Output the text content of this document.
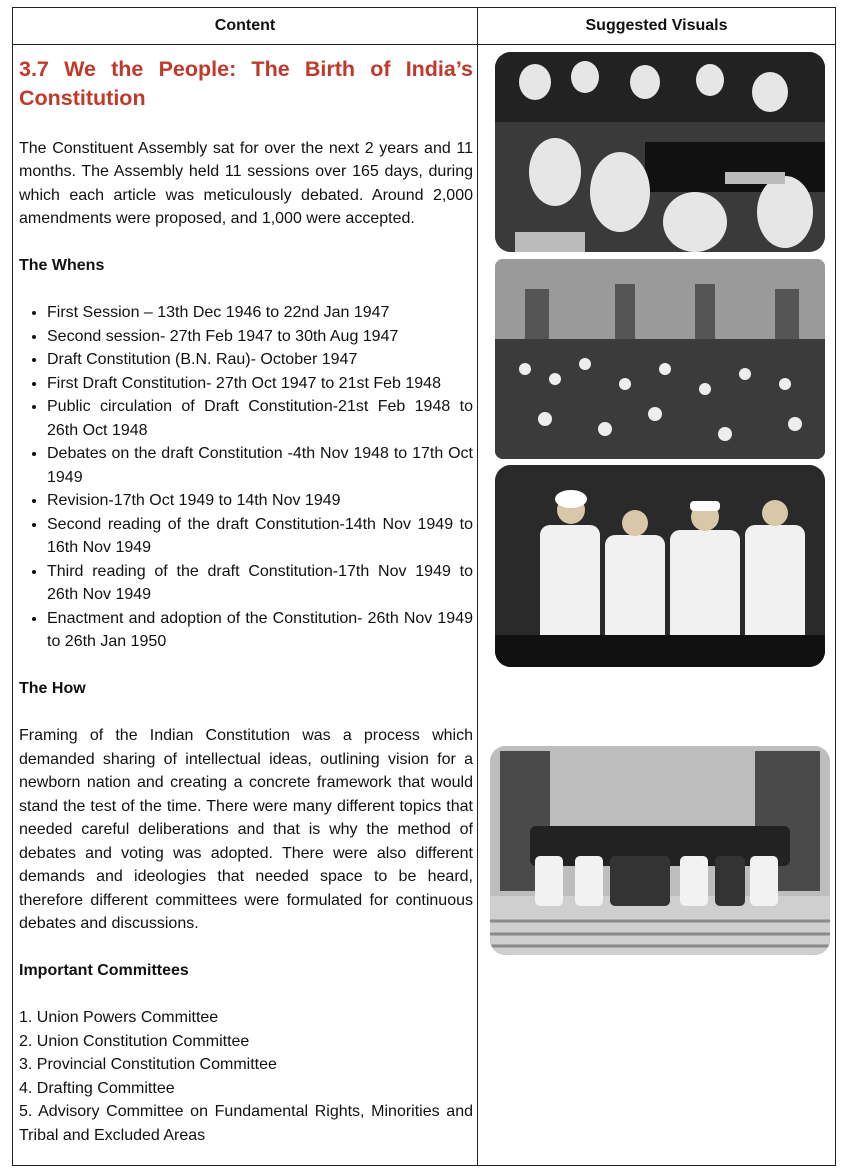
Content	Suggested Visuals
3.7 We the People: The Birth of India’s Constitution

The Constituent Assembly sat for over the next 2 years and 11 months. The Assembly held 11 sessions over 165 days, during which each article was meticulously debated. Around 2,000 amendments were proposed, and 1,000 were accepted.

The Whens

• First Session – 13th Dec 1946 to 22nd Jan 1947
• Second session- 27th Feb 1947 to 30th Aug 1947
• Draft Constitution (B.N. Rau)- October 1947
• First Draft Constitution- 27th Oct 1947 to 21st Feb 1948
• Public circulation of Draft Constitution-21st Feb 1948 to 26th Oct 1948
• Debates on the draft Constitution -4th Nov 1948 to 17th Oct 1949
• Revision-17th Oct 1949 to 14th Nov 1949
• Second reading of the draft Constitution-14th Nov 1949 to 16th Nov 1949
• Third reading of the draft Constitution-17th Nov 1949 to 26th Nov 1949
• Enactment and adoption of the Constitution- 26th Nov 1949 to 26th Jan 1950

The How

Framing of the Indian Constitution was a process which demanded sharing of intellectual ideas, outlining vision for a newborn nation and creating a concrete framework that would stand the test of the time. There were many different topics that needed careful deliberations and that is why the method of debates and voting was adopted. There were also different demands and ideologies that needed space to be heard, therefore different committees were formulated for continuous debates and discussions.

Important Committees

1. Union Powers Committee

2. Union Constitution Committee

3. Provincial Constitution Committee

4. Drafting Committee

5. Advisory Committee on Fundamental Rights, Minorities and Tribal and Excluded Areas
